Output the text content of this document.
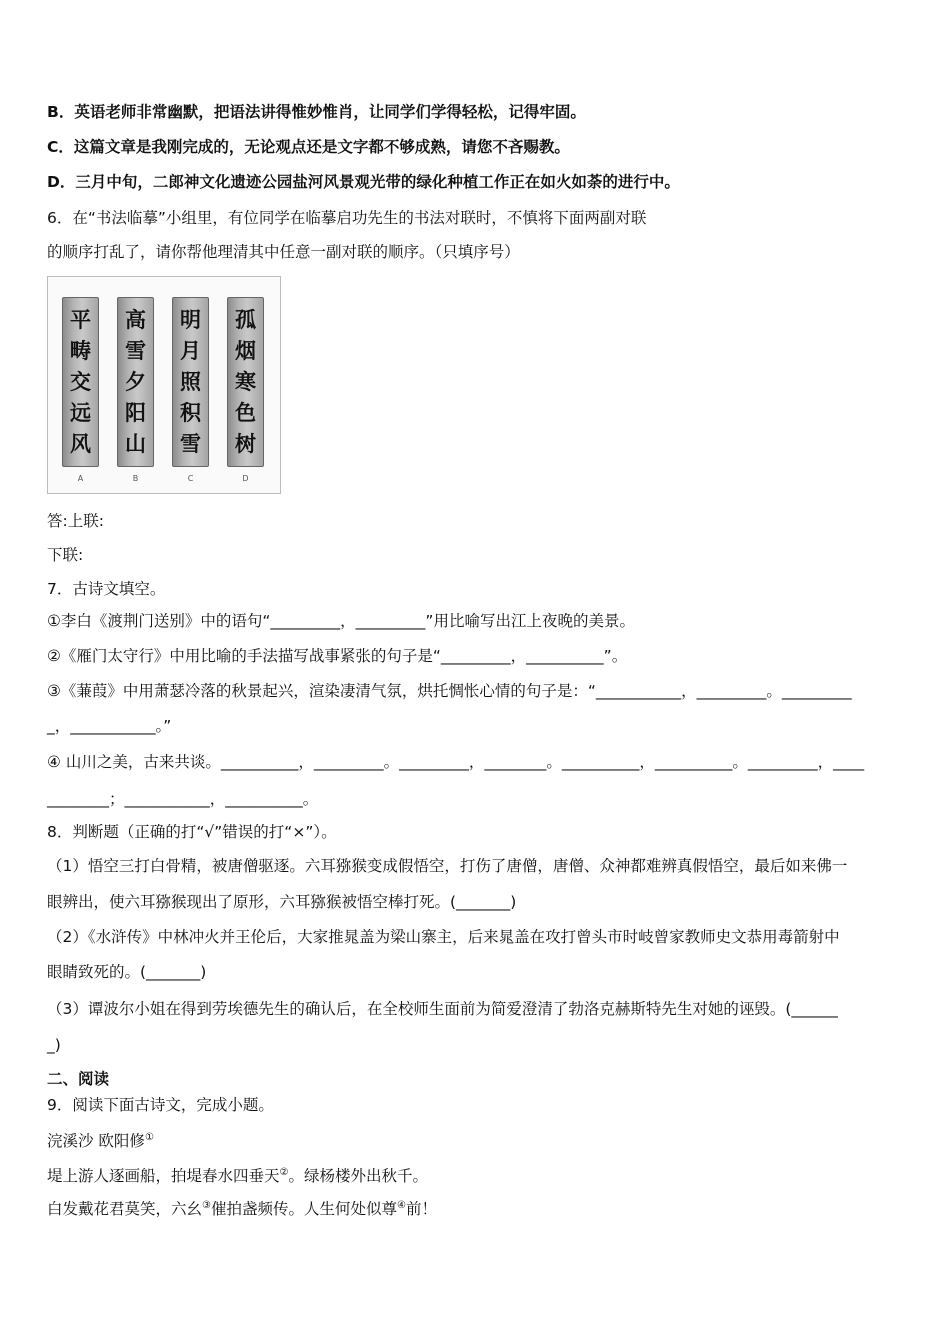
B．英语老师非常幽默，把语法讲得惟妙惟肖，让同学们学得轻松，记得牢固。
C．这篇文章是我刚完成的，无论观点还是文字都不够成熟，请您不吝赐教。
D．三月中旬，二郎神文化遗迹公园盐河风景观光带的绿化种植工作正在如火如荼的进行中。
6．在“书法临摹”小组里，有位同学在临摹启功先生的书法对联时，不慎将下面两副对联
的顺序打乱了，请你帮他理清其中任意一副对联的顺序。（只填序号）
平
畴
交
远
风
A
高
雪
夕
阳
山
B
明
月
照
积
雪
C
孤
烟
寒
色
树
D
答:上联:
下联:
7．古诗文填空。
①李白《渡荆门送别》中的语句“_________，_________”用比喻写出江上夜晚的美景。
②《雁门太守行》中用比喻的手法描写战事紧张的句子是“_________，__________”。
③《蒹葭》中用萧瑟冷落的秋景起兴，渲染凄清气氛，烘托惆怅心情的句子是：“___________，_________。_________
_，___________。”
④ 山川之美，古来共谈。__________，_________。_________，________。__________，__________。_________，____
________；___________，__________。
8．判断题（正确的打“√”错误的打“×”）。
（1）悟空三打白骨精，被唐僧驱逐。六耳猕猴变成假悟空，打伤了唐僧，唐僧、众神都难辨真假悟空，最后如来佛一
眼辨出，使六耳猕猴现出了原形，六耳猕猴被悟空棒打死。(_______)
（2）《水浒传》中林冲火并王伦后，大家推晁盖为梁山寨主，后来晁盖在攻打曾头市时岐曾家教师史文恭用毒箭射中
眼睛致死的。(_______)
（3）谭波尔小姐在得到劳埃德先生的确认后，在全校师生面前为简爱澄清了勃洛克赫斯特先生对她的诬毁。(______
_)
二、阅读
9．阅读下面古诗文，完成小题。
浣溪沙 欧阳修①
堤上游人逐画船，拍堤春水四垂天②。绿杨楼外出秋千。
白发戴花君莫笑，六幺③催拍盏频传。人生何处似尊④前！
